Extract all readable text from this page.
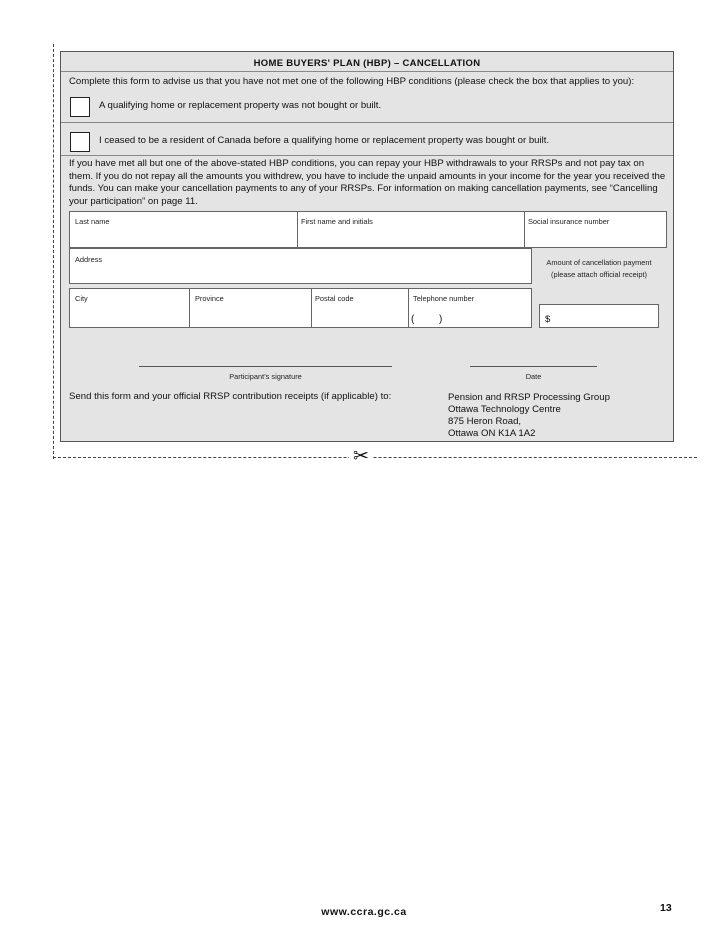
✂
HOME BUYERS' PLAN (HBP) – CANCELLATION
Complete this form to advise us that you have not met one of the following HBP conditions (please check the box that applies to you):
A qualifying home or replacement property was not bought or built.
I ceased to be a resident of Canada before a qualifying home or replacement property was bought or built.
If you have met all but one of the above-stated HBP conditions, you can repay your HBP withdrawals to your RRSPs and not pay tax on them. If you do not repay all the amounts you withdrew, you have to include the unpaid amounts in your income for the year you received the funds. You can make your cancellation payments to any of your RRSPs. For information on making cancellation payments, see “Cancelling your participation” on page 11.
Last name	First name and initials	Social insurance number
Address	Amount of cancellation payment
(please attach official receipt)
City	Province	Postal code	Telephone number
( )	$
Participant’s signature	Date
Send this form and your official RRSP contribution receipts (if applicable) to:	Pension and RRSP Processing Group
Ottawa Technology Centre
875 Heron Road,
Ottawa ON K1A 1A2
13
www.ccra.gc.ca
